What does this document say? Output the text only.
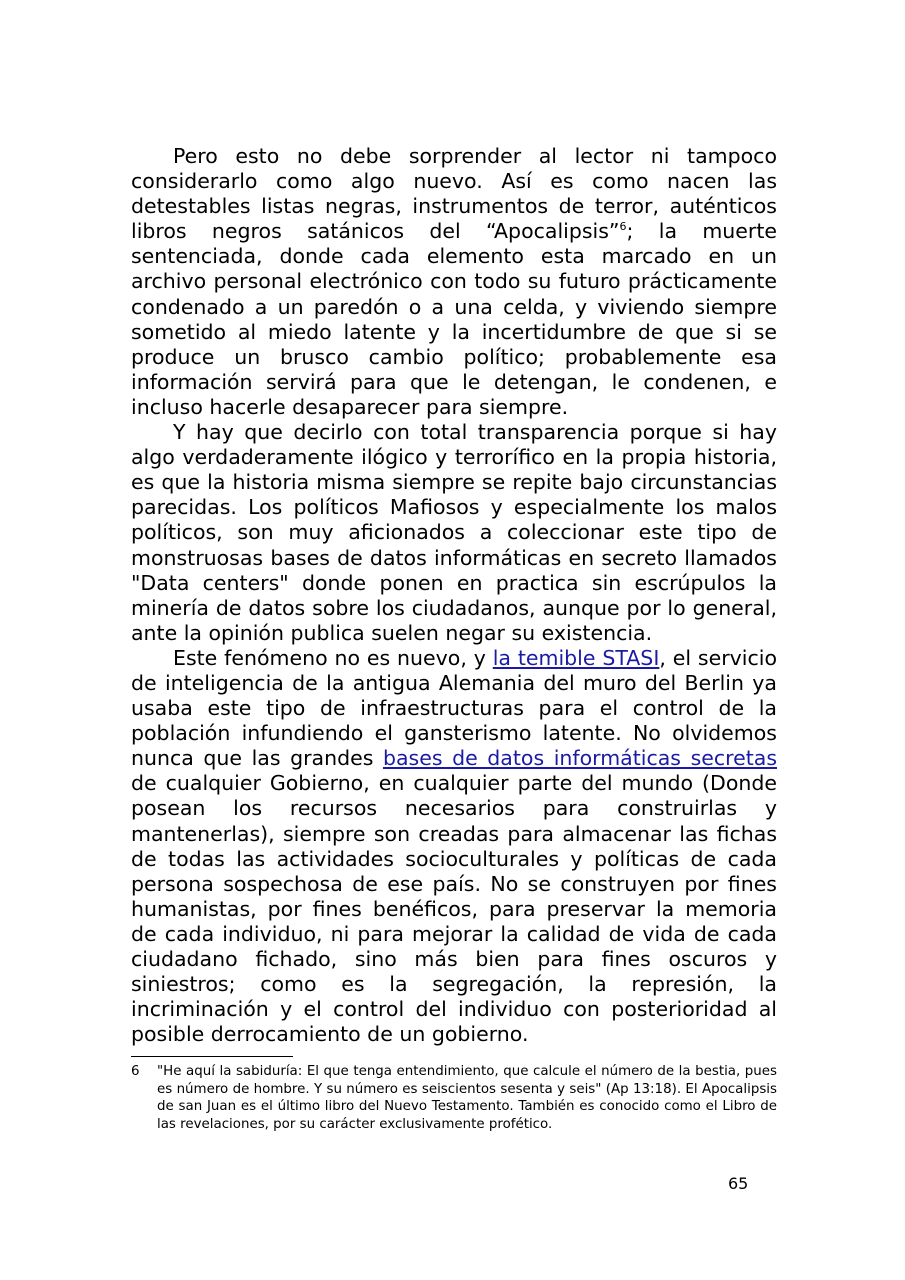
Pero esto no debe sorprender al lector ni tampoco considerarlo como algo nuevo. Así es como nacen las detestables listas negras, instrumentos de terror, auténticos libros negros satánicos del “Apocalipsis”$^6$; la muerte sentenciada, donde cada elemento esta marcado en un archivo personal electrónico con todo su futuro prácticamente condenado a un paredón o a una celda, y viviendo siempre sometido al miedo latente y la incertidumbre de que si se produce un brusco cambio político; probablemente esa información servirá para que le detengan, le condenen, e incluso hacerle desaparecer para siempre.

Y hay que decirlo con total transparencia porque si hay algo verdaderamente ilógico y terrorífico en la propia historia, es que la historia misma siempre se repite bajo circunstancias parecidas. Los políticos Mafiosos y especialmente los malos políticos, son muy aficionados a coleccionar este tipo de monstruosas bases de datos informáticas en secreto llamados "Data centers" donde ponen en practica sin escrúpulos la minería de datos sobre los ciudadanos, aunque por lo general, ante la opinión publica suelen negar su existencia.

Este fenómeno no es nuevo, y la temible STASI, el servicio de inteligencia de la antigua Alemania del muro del Berlin ya usaba este tipo de infraestructuras para el control de la población infundiendo el gansterismo latente. No olvidemos nunca que las grandes bases de datos informáticas secretas de cualquier Gobierno, en cualquier parte del mundo (Donde posean los recursos necesarios para construirlas y mantenerlas), siempre son creadas para almacenar las fichas de todas las actividades socioculturales y políticas de cada persona sospechosa de ese país. No se construyen por fines humanistas, por fines benéficos, para preservar la memoria de cada individuo, ni para mejorar la calidad de vida de cada ciudadano fichado, sino más bien para fines oscuros y siniestros; como es la segregación, la represión, la incriminación y el control del individuo con posterioridad al posible derrocamiento de un gobierno.

6 "He aquí la sabiduría: El que tenga entendimiento, que calcule el número de la bestia, pues es número de hombre. Y su número es seiscientos sesenta y seis" (Ap 13:18). El Apocalipsis de san Juan es el último libro del Nuevo Testamento. También es conocido como el Libro de las revelaciones, por su carácter exclusivamente profético.
65
